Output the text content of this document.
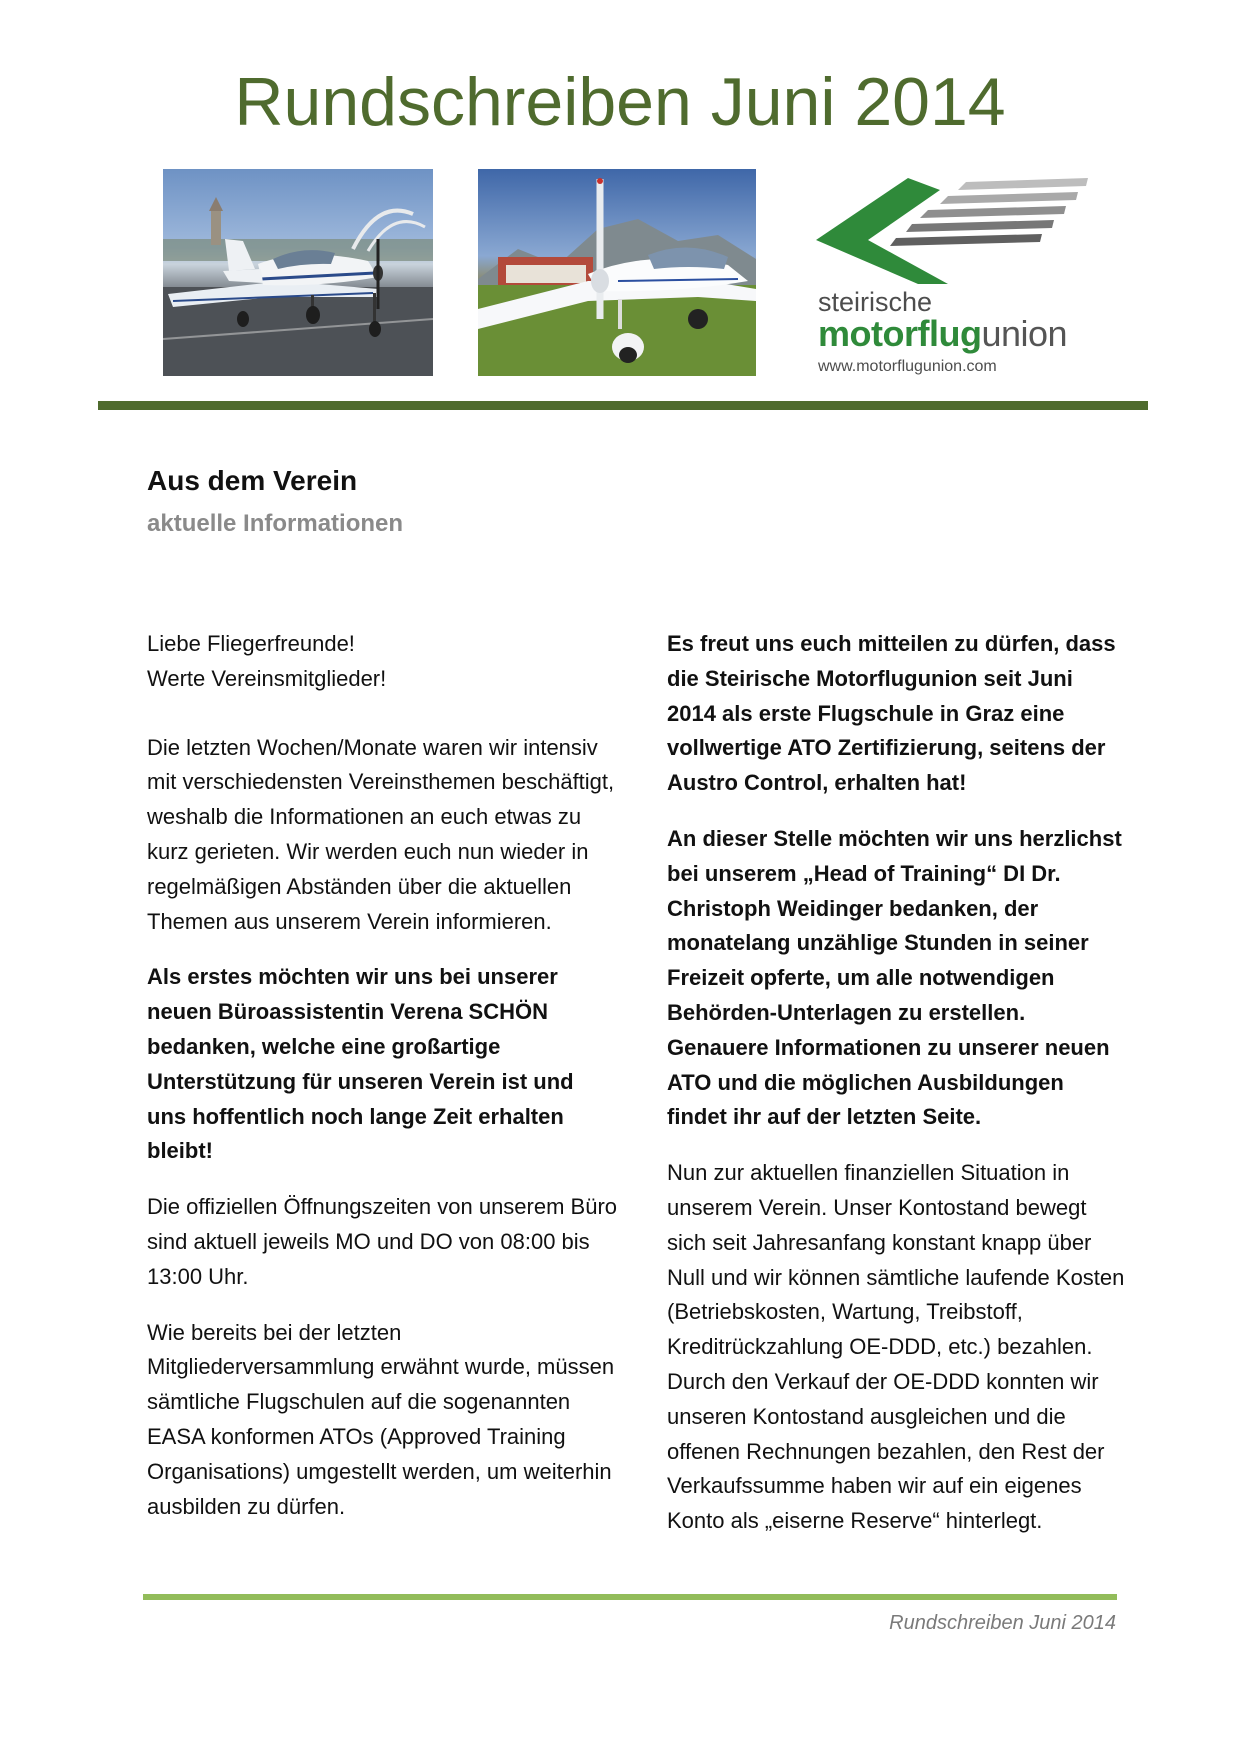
Rundschreiben Juni 2014
steirische
motorflugunion
www.motorflugunion.com
Aus dem Verein
aktuelle Informationen

Liebe Fliegerfreunde!
Werte Vereinsmitglieder!

Die letzten Wochen/Monate waren wir intensiv mit verschiedensten Vereinsthemen beschäftigt, weshalb die Informationen an euch etwas zu kurz gerieten. Wir werden euch nun wieder in regelmäßigen Abständen über die aktuellen Themen aus unserem Verein informieren.

Als erstes möchten wir uns bei unserer neuen Büroassistentin Verena SCHÖN bedanken, welche eine großartige Unterstützung für unseren Verein ist und uns hoffentlich noch lange Zeit erhalten bleibt!

Die offiziellen Öffnungszeiten von unserem Büro sind aktuell jeweils MO und DO von 08:00 bis 13:00 Uhr.

Wie bereits bei der letzten Mitgliederversammlung erwähnt wurde, müssen sämtliche Flugschulen auf die sogenannten EASA konformen ATOs (Approved Training Organisations) umgestellt werden, um weiterhin ausbilden zu dürfen.

Es freut uns euch mitteilen zu dürfen, dass die Steirische Motorflugunion seit Juni 2014 als erste Flugschule in Graz eine vollwertige ATO Zertifizierung, seitens der Austro Control, erhalten hat!

An dieser Stelle möchten wir uns herzlichst bei unserem „Head of Training“ DI Dr. Christoph Weidinger bedanken, der monatelang unzählige Stunden in seiner Freizeit opferte, um alle notwendigen Behörden-Unterlagen zu erstellen. Genauere Informationen zu unserer neuen ATO und die möglichen Ausbildungen findet ihr auf der letzten Seite.

Nun zur aktuellen finanziellen Situation in unserem Verein. Unser Kontostand bewegt sich seit Jahresanfang konstant knapp über Null und wir können sämtliche laufende Kosten (Betriebskosten, Wartung, Treibstoff, Kreditrückzahlung OE-DDD, etc.) bezahlen. Durch den Verkauf der OE-DDD konnten wir unseren Kontostand ausgleichen und die offenen Rechnungen bezahlen, den Rest der Verkaufssumme haben wir auf ein eigenes Konto als „eiserne Reserve“ hinterlegt.

Rundschreiben Juni 2014
